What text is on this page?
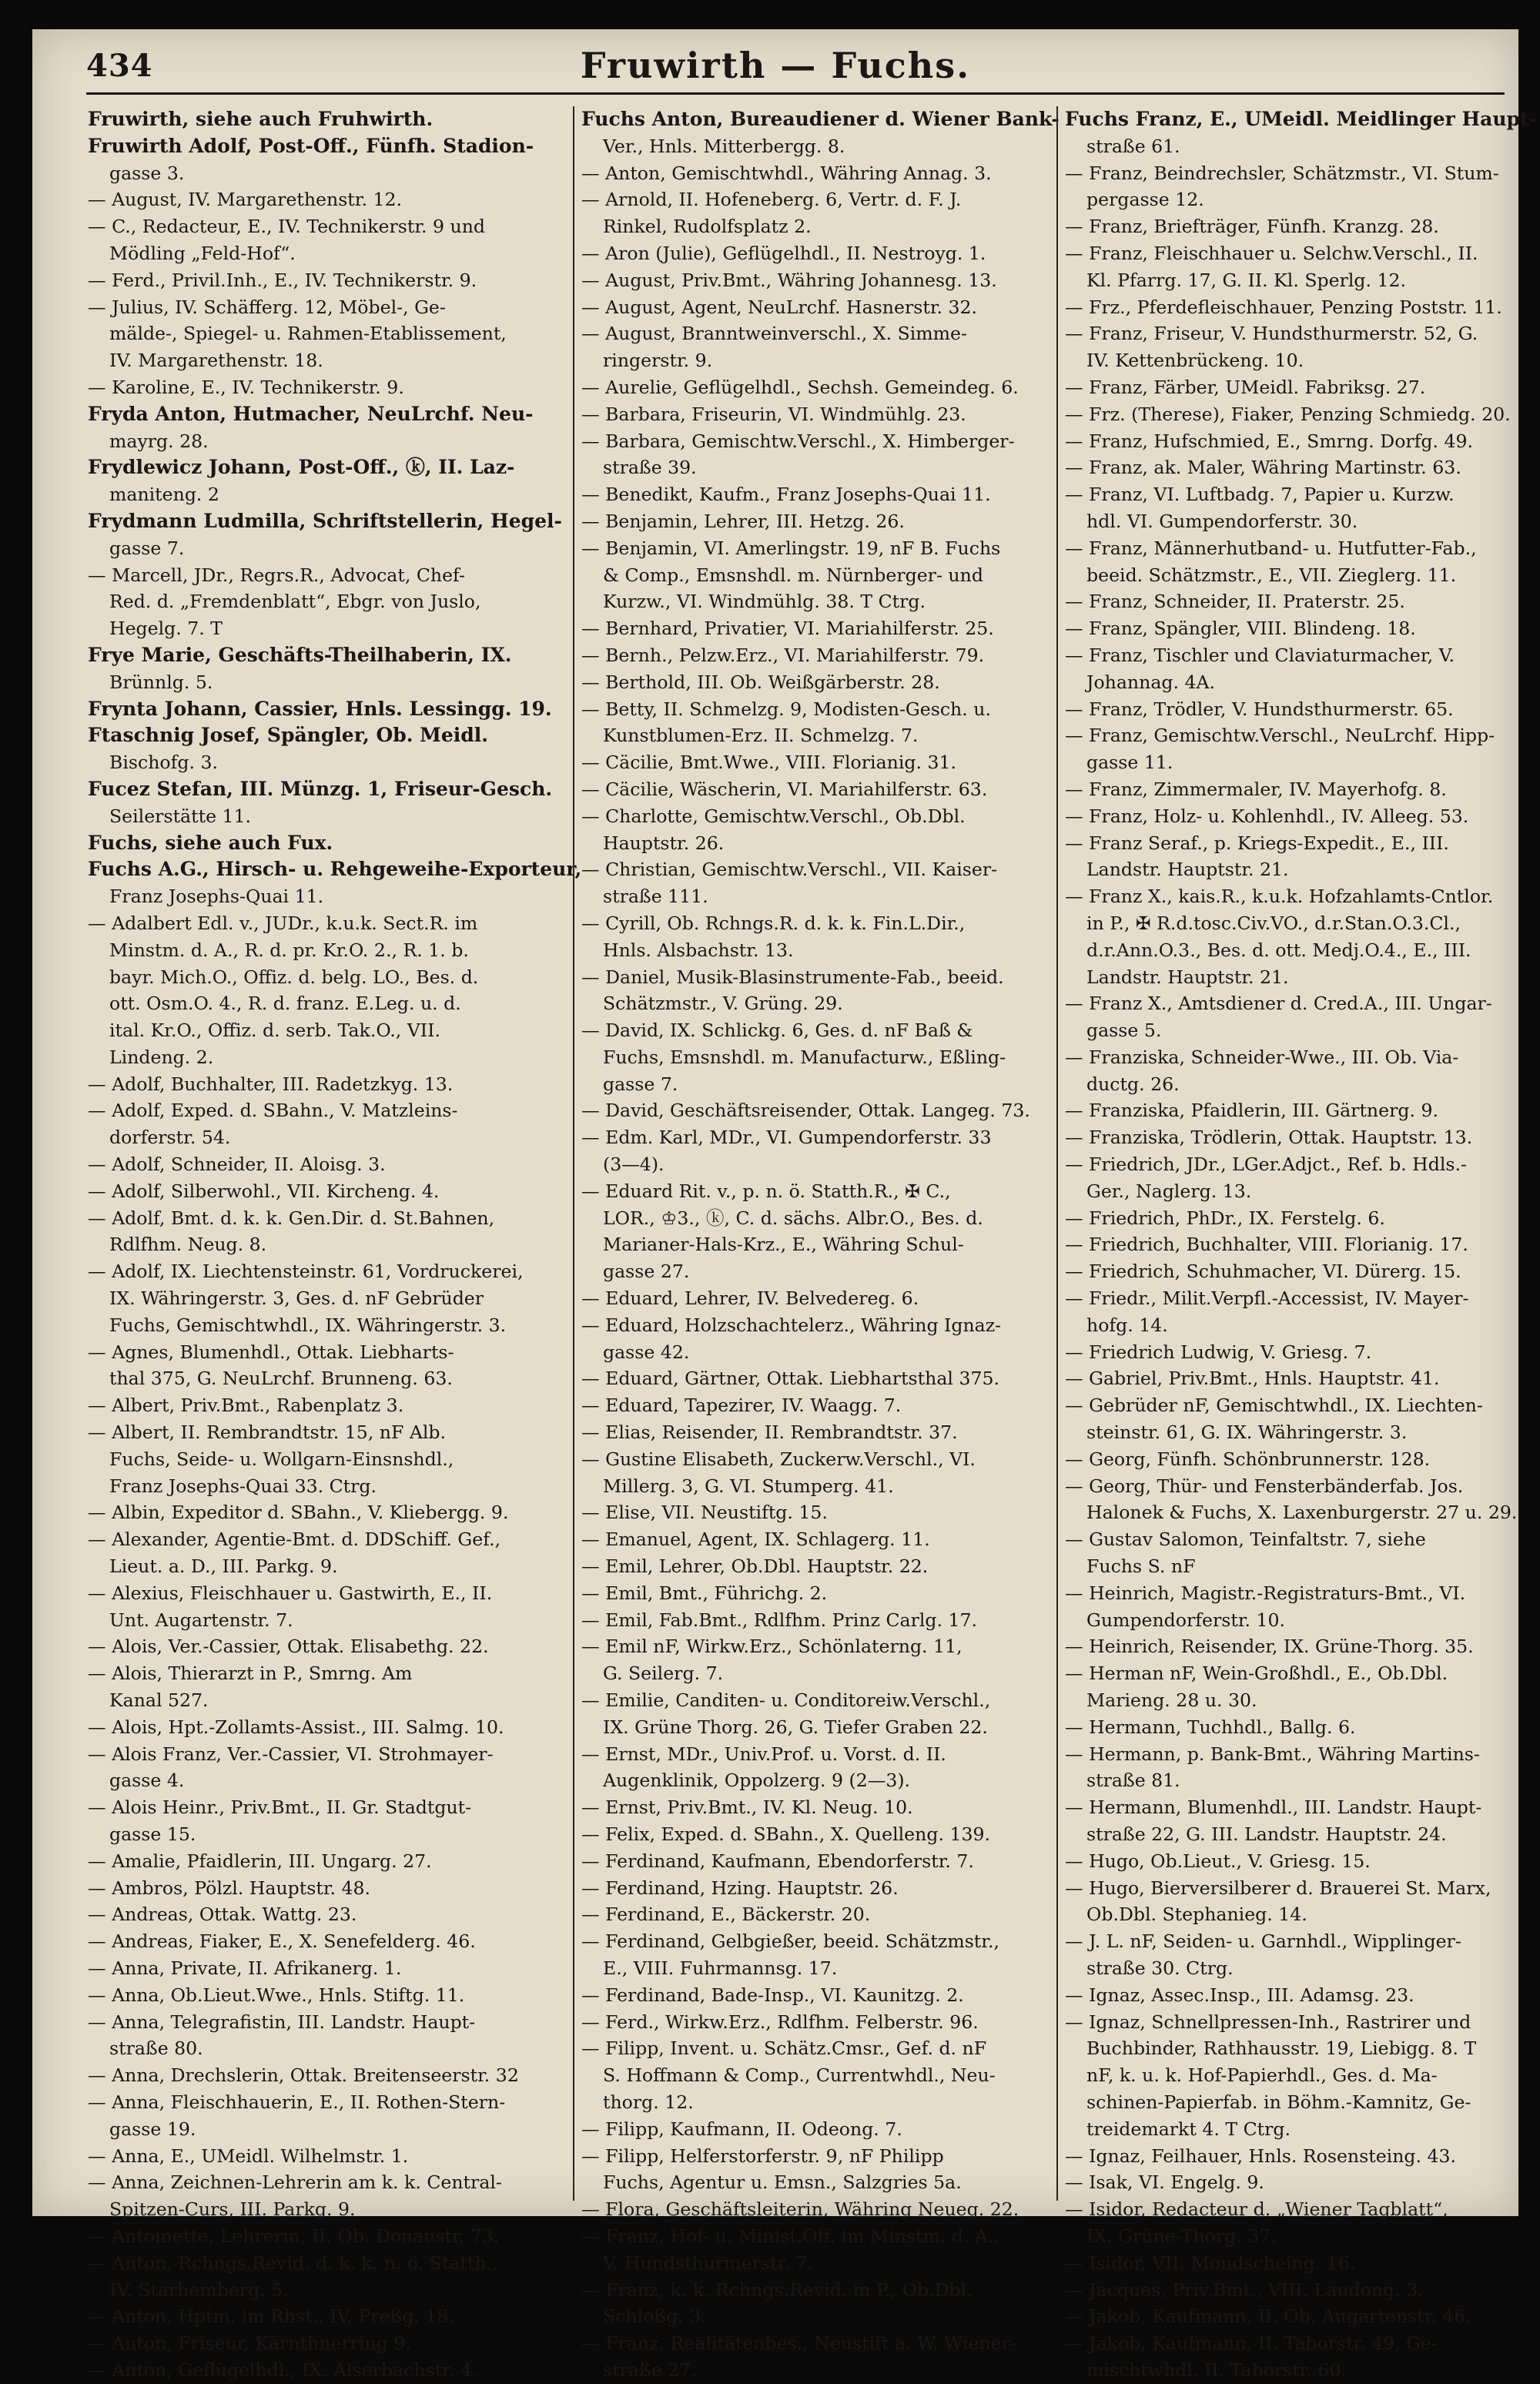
434	Fruwirth — Fuchs.
Fruwirth, siehe auch Fruhwirth.
Fruwirth Adolf, Post-Off., Fünfh. Stadion-
gasse 3.
— August, IV. Margarethenstr. 12.
— C., Redacteur, E., IV. Technikerstr. 9 und
Mödling „Feld-Hof“.
— Ferd., Privil.Inh., E., IV. Technikerstr. 9.
— Julius, IV. Schäfferg. 12, Möbel-, Ge-
mälde-, Spiegel- u. Rahmen-Etablissement,
IV. Margarethenstr. 18.
— Karoline, E., IV. Technikerstr. 9.
Fryda Anton, Hutmacher, NeuLrchf. Neu-
mayrg. 28.
Frydlewicz Johann, Post-Off., ⓚ, II. Laz-
maniteng. 2
Frydmann Ludmilla, Schriftstellerin, Hegel-
gasse 7.
— Marcell, JDr., Regrs.R., Advocat, Chef-
Red. d. „Fremdenblatt“, Ebgr. von Juslo,
Hegelg. 7. T
Frye Marie, Geschäfts-Theilhaberin, IX.
Brünnlg. 5.
Frynta Johann, Cassier, Hnls. Lessingg. 19.
Ftaschnig Josef, Spängler, Ob. Meidl.
Bischofg. 3.
Fucez Stefan, III. Münzg. 1, Friseur-Gesch.
Seilerstätte 11.
Fuchs, siehe auch Fux.
Fuchs A.G., Hirsch- u. Rehgeweihe-Exporteur,
Franz Josephs-Quai 11.
— Adalbert Edl. v., JUDr., k.u.k. Sect.R. im
Minstm. d. A., R. d. pr. Kr.O. 2., R. 1. b.
bayr. Mich.O., Offiz. d. belg. LO., Bes. d.
ott. Osm.O. 4., R. d. franz. E.Leg. u. d.
ital. Kr.O., Offiz. d. serb. Tak.O., VII.
Lindeng. 2.
— Adolf, Buchhalter, III. Radetzkyg. 13.
— Adolf, Exped. d. SBahn., V. Matzleins-
dorferstr. 54.
— Adolf, Schneider, II. Aloisg. 3.
— Adolf, Silberwohl., VII. Kircheng. 4.
— Adolf, Bmt. d. k. k. Gen.Dir. d. St.Bahnen,
Rdlfhm. Neug. 8.
— Adolf, IX. Liechtensteinstr. 61, Vordruckerei,
IX. Währingerstr. 3, Ges. d. nF Gebrüder
Fuchs, Gemischtwhdl., IX. Währingerstr. 3.
— Agnes, Blumenhdl., Ottak. Liebharts-
thal 375, G. NeuLrchf. Brunneng. 63.
— Albert, Priv.Bmt., Rabenplatz 3.
— Albert, II. Rembrandtstr. 15, nF Alb.
Fuchs, Seide- u. Wollgarn-Einsnshdl.,
Franz Josephs-Quai 33. Ctrg.
— Albin, Expeditor d. SBahn., V. Kliebergg. 9.
— Alexander, Agentie-Bmt. d. DDSchiff. Gef.,
Lieut. a. D., III. Parkg. 9.
— Alexius, Fleischhauer u. Gastwirth, E., II.
Unt. Augartenstr. 7.
— Alois, Ver.-Cassier, Ottak. Elisabethg. 22.
— Alois, Thierarzt in P., Smrng. Am
Kanal 527.
— Alois, Hpt.-Zollamts-Assist., III. Salmg. 10.
— Alois Franz, Ver.-Cassier, VI. Strohmayer-
gasse 4.
— Alois Heinr., Priv.Bmt., II. Gr. Stadtgut-
gasse 15.
— Amalie, Pfaidlerin, III. Ungarg. 27.
— Ambros, Pölzl. Hauptstr. 48.
— Andreas, Ottak. Wattg. 23.
— Andreas, Fiaker, E., X. Senefelderg. 46.
— Anna, Private, II. Afrikanerg. 1.
— Anna, Ob.Lieut.Wwe., Hnls. Stiftg. 11.
— Anna, Telegrafistin, III. Landstr. Haupt-
straße 80.
— Anna, Drechslerin, Ottak. Breitenseerstr. 32
— Anna, Fleischhauerin, E., II. Rothen-Stern-
gasse 19.
— Anna, E., UMeidl. Wilhelmstr. 1.
— Anna, Zeichnen-Lehrerin am k. k. Central-
Spitzen-Curs, III. Parkg. 9.
— Antoinette, Lehrerin, II. Ob. Donaustr. 73.
— Anton, Rchngs.Revid. d. k. k. n. ö. Statth.,
IV. Starhemberg. 5.
— Anton, Hptm. im Rhst., IV. Preßg. 18.
— Anton, Friseur, Kärnthnerring 9.
— Anton, Geflügelhdl., IX. Alserbachstr. 4.
Fuchs Anton, Bureaudiener d. Wiener Bank-
Ver., Hnls. Mitterbergg. 8.
— Anton, Gemischtwhdl., Währing Annag. 3.
— Arnold, II. Hofeneberg. 6, Vertr. d. F. J.
Rinkel, Rudolfsplatz 2.
— Aron (Julie), Geflügelhdl., II. Nestroyg. 1.
— August, Priv.Bmt., Währing Johannesg. 13.
— August, Agent, NeuLrchf. Hasnerstr. 32.
— August, Branntweinverschl., X. Simme-
ringerstr. 9.
— Aurelie, Geflügelhdl., Sechsh. Gemeindeg. 6.
— Barbara, Friseurin, VI. Windmühlg. 23.
— Barbara, Gemischtw.Verschl., X. Himberger-
straße 39.
— Benedikt, Kaufm., Franz Josephs-Quai 11.
— Benjamin, Lehrer, III. Hetzg. 26.
— Benjamin, VI. Amerlingstr. 19, nF B. Fuchs
& Comp., Emsnshdl. m. Nürnberger- und
Kurzw., VI. Windmühlg. 38. T Ctrg.
— Bernhard, Privatier, VI. Mariahilferstr. 25.
— Bernh., Pelzw.Erz., VI. Mariahilferstr. 79.
— Berthold, III. Ob. Weißgärberstr. 28.
— Betty, II. Schmelzg. 9, Modisten-Gesch. u.
Kunstblumen-Erz. II. Schmelzg. 7.
— Cäcilie, Bmt.Wwe., VIII. Florianig. 31.
— Cäcilie, Wäscherin, VI. Mariahilferstr. 63.
— Charlotte, Gemischtw.Verschl., Ob.Dbl.
Hauptstr. 26.
— Christian, Gemischtw.Verschl., VII. Kaiser-
straße 111.
— Cyrill, Ob. Rchngs.R. d. k. k. Fin.L.Dir.,
Hnls. Alsbachstr. 13.
— Daniel, Musik-Blasinstrumente-Fab., beeid.
Schätzmstr., V. Grüng. 29.
— David, IX. Schlickg. 6, Ges. d. nF Baß &
Fuchs, Emsnshdl. m. Manufacturw., Eßling-
gasse 7.
— David, Geschäftsreisender, Ottak. Langeg. 73.
— Edm. Karl, MDr., VI. Gumpendorferstr. 33
(3—4).
— Eduard Rit. v., p. n. ö. Statth.R., ✠ C.,
LOR., ♔3., ⓚ, C. d. sächs. Albr.O., Bes. d.
Marianer-Hals-Krz., E., Währing Schul-
gasse 27.
— Eduard, Lehrer, IV. Belvedereg. 6.
— Eduard, Holzschachtelerz., Währing Ignaz-
gasse 42.
— Eduard, Gärtner, Ottak. Liebhartsthal 375.
— Eduard, Tapezirer, IV. Waagg. 7.
— Elias, Reisender, II. Rembrandtstr. 37.
— Gustine Elisabeth, Zuckerw.Verschl., VI.
Millerg. 3, G. VI. Stumperg. 41.
— Elise, VII. Neustiftg. 15.
— Emanuel, Agent, IX. Schlagerg. 11.
— Emil, Lehrer, Ob.Dbl. Hauptstr. 22.
— Emil, Bmt., Führichg. 2.
— Emil, Fab.Bmt., Rdlfhm. Prinz Carlg. 17.
— Emil nF, Wirkw.Erz., Schönlaterng. 11,
G. Seilerg. 7.
— Emilie, Canditen- u. Conditoreiw.Verschl.,
IX. Grüne Thorg. 26, G. Tiefer Graben 22.
— Ernst, MDr., Univ.Prof. u. Vorst. d. II.
Augenklinik, Oppolzerg. 9 (2—3).
— Ernst, Priv.Bmt., IV. Kl. Neug. 10.
— Felix, Exped. d. SBahn., X. Quelleng. 139.
— Ferdinand, Kaufmann, Ebendorferstr. 7.
— Ferdinand, Hzing. Hauptstr. 26.
— Ferdinand, E., Bäckerstr. 20.
— Ferdinand, Gelbgießer, beeid. Schätzmstr.,
E., VIII. Fuhrmannsg. 17.
— Ferdinand, Bade-Insp., VI. Kaunitzg. 2.
— Ferd., Wirkw.Erz., Rdlfhm. Felberstr. 96.
— Filipp, Invent. u. Schätz.Cmsr., Gef. d. nF
S. Hoffmann & Comp., Currentwhdl., Neu-
thorg. 12.
— Filipp, Kaufmann, II. Odeong. 7.
— Filipp, Helferstorferstr. 9, nF Philipp
Fuchs, Agentur u. Emsn., Salzgries 5a.
— Flora, Geschäftsleiterin, Währing Neueg. 22.
— Franz, Hof- u. Minist.Off. im Minstm. d. A.,
V. Hundsthurmerstr. 7.
— Franz, k. k. Rchngs.Revid. in P., Ob.Dbl.
Schloßg. 3.
— Franz, Realitätenbes., Neustift a. W. Wiener-
straße 27.
Fuchs Franz, E., UMeidl. Meidlinger Haupt-
straße 61.
— Franz, Beindrechsler, Schätzmstr., VI. Stum-
pergasse 12.
— Franz, Briefträger, Fünfh. Kranzg. 28.
— Franz, Fleischhauer u. Selchw.Verschl., II.
Kl. Pfarrg. 17, G. II. Kl. Sperlg. 12.
— Frz., Pferdefleischhauer, Penzing Poststr. 11.
— Franz, Friseur, V. Hundsthurmerstr. 52, G.
IV. Kettenbrückeng. 10.
— Franz, Färber, UMeidl. Fabriksg. 27.
— Frz. (Therese), Fiaker, Penzing Schmiedg. 20.
— Franz, Hufschmied, E., Smrng. Dorfg. 49.
— Franz, ak. Maler, Währing Martinstr. 63.
— Franz, VI. Luftbadg. 7, Papier u. Kurzw.
hdl. VI. Gumpendorferstr. 30.
— Franz, Männerhutband- u. Hutfutter-Fab.,
beeid. Schätzmstr., E., VII. Zieglerg. 11.
— Franz, Schneider, II. Praterstr. 25.
— Franz, Spängler, VIII. Blindeng. 18.
— Franz, Tischler und Claviaturmacher, V.
Johannag. 4A.
— Franz, Trödler, V. Hundsthurmerstr. 65.
— Franz, Gemischtw.Verschl., NeuLrchf. Hipp-
gasse 11.
— Franz, Zimmermaler, IV. Mayerhofg. 8.
— Franz, Holz- u. Kohlenhdl., IV. Alleeg. 53.
— Franz Seraf., p. Kriegs-Expedit., E., III.
Landstr. Hauptstr. 21.
— Franz X., kais.R., k.u.k. Hofzahlamts-Cntlor.
in P., ✠ R.d.tosc.Civ.VO., d.r.Stan.O.3.Cl.,
d.r.Ann.O.3., Bes. d. ott. Medj.O.4., E., III.
Landstr. Hauptstr. 21.
— Franz X., Amtsdiener d. Cred.A., III. Ungar-
gasse 5.
— Franziska, Schneider-Wwe., III. Ob. Via-
ductg. 26.
— Franziska, Pfaidlerin, III. Gärtnerg. 9.
— Franziska, Trödlerin, Ottak. Hauptstr. 13.
— Friedrich, JDr., LGer.Adjct., Ref. b. Hdls.-
Ger., Naglerg. 13.
— Friedrich, PhDr., IX. Ferstelg. 6.
— Friedrich, Buchhalter, VIII. Florianig. 17.
— Friedrich, Schuhmacher, VI. Dürerg. 15.
— Friedr., Milit.Verpfl.-Accessist, IV. Mayer-
hofg. 14.
— Friedrich Ludwig, V. Griesg. 7.
— Gabriel, Priv.Bmt., Hnls. Hauptstr. 41.
— Gebrüder nF, Gemischtwhdl., IX. Liechten-
steinstr. 61, G. IX. Währingerstr. 3.
— Georg, Fünfh. Schönbrunnerstr. 128.
— Georg, Thür- und Fensterbänderfab. Jos.
Halonek & Fuchs, X. Laxenburgerstr. 27 u. 29.
— Gustav Salomon, Teinfaltstr. 7, siehe
Fuchs S. nF
— Heinrich, Magistr.-Registraturs-Bmt., VI.
Gumpendorferstr. 10.
— Heinrich, Reisender, IX. Grüne-Thorg. 35.
— Herman nF, Wein-Großhdl., E., Ob.Dbl.
Marieng. 28 u. 30.
— Hermann, Tuchhdl., Ballg. 6.
— Hermann, p. Bank-Bmt., Währing Martins-
straße 81.
— Hermann, Blumenhdl., III. Landstr. Haupt-
straße 22, G. III. Landstr. Hauptstr. 24.
— Hugo, Ob.Lieut., V. Griesg. 15.
— Hugo, Bierversilberer d. Brauerei St. Marx,
Ob.Dbl. Stephanieg. 14.
— J. L. nF, Seiden- u. Garnhdl., Wipplinger-
straße 30. Ctrg.
— Ignaz, Assec.Insp., III. Adamsg. 23.
— Ignaz, Schnellpressen-Inh., Rastrirer und
Buchbinder, Rathhausstr. 19, Liebigg. 8. T
nF, k. u. k. Hof-Papierhdl., Ges. d. Ma-
schinen-Papierfab. in Böhm.-Kamnitz, Ge-
treidemarkt 4. T Ctrg.
— Ignaz, Feilhauer, Hnls. Rosensteing. 43.
— Isak, VI. Engelg. 9.
— Isidor, Redacteur d. „Wiener Tagblatt“,
IX. Grüne-Thorg. 37.
— Isidor, VII. Mondscheing. 16.
— Jacques, Priv.Bmt., VIII. Laudong. 3.
— Jakob, Kaufmann, II. Ob. Augartenstr. 46.
— Jakob, Kaufmann, II. Taborstr. 49, Ge-
mischtwhdl. II. Taborstr. 60.
